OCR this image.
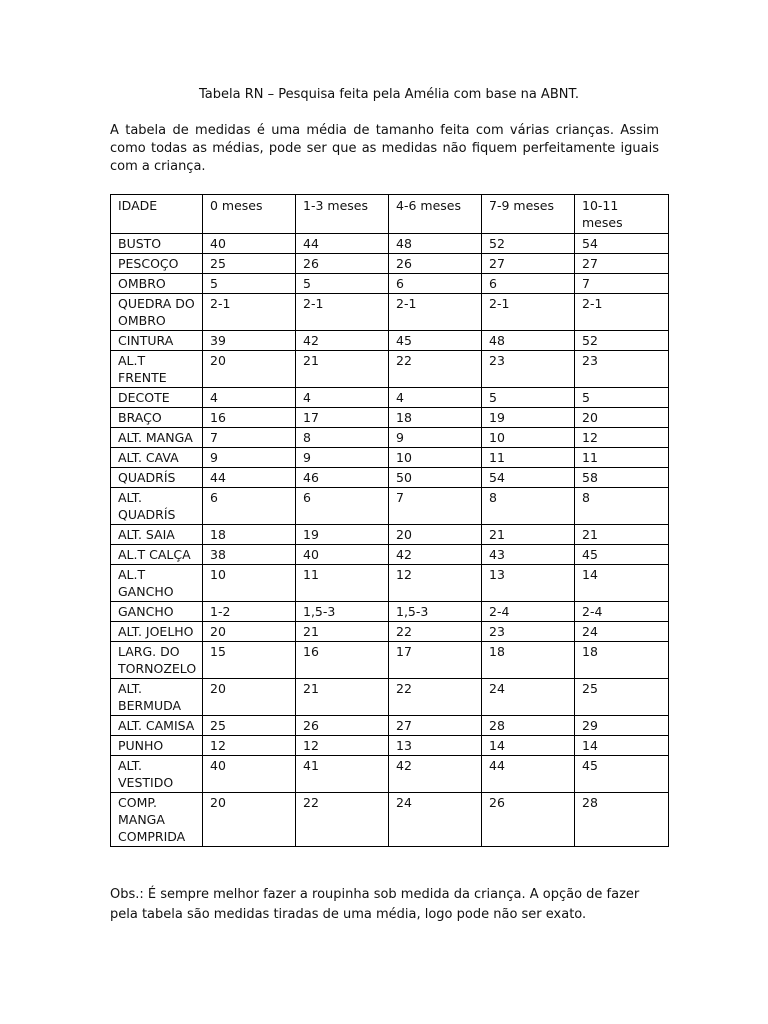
Tabela RN – Pesquisa feita pela Amélia com base na ABNT.

A tabela de medidas é uma média de tamanho feita com várias crianças. Assim como todas as médias, pode ser que as medidas não fiquem perfeitamente iguais com a criança.

IDADE	0 meses	1-3 meses	4-6 meses	7-9 meses	10-11 meses
BUSTO	40	44	48	52	54
PESCOÇO	25	26	26	27	27
OMBRO	5	5	6	6	7
QUEDRA DO OMBRO	2-1	2-1	2-1	2-1	2-1
CINTURA	39	42	45	48	52
AL.T FRENTE	20	21	22	23	23
DECOTE	4	4	4	5	5
BRAÇO	16	17	18	19	20
ALT. MANGA	7	8	9	10	12
ALT. CAVA	9	9	10	11	11
QUADRÍS	44	46	50	54	58
ALT. QUADRÍS	6	6	7	8	8
ALT. SAIA	18	19	20	21	21
AL.T CALÇA	38	40	42	43	45
AL.T GANCHO	10	11	12	13	14
GANCHO	1-2	1,5-3	1,5-3	2-4	2-4
ALT. JOELHO	20	21	22	23	24
LARG. DO TORNOZELO	15	16	17	18	18
ALT. BERMUDA	20	21	22	24	25
ALT. CAMISA	25	26	27	28	29
PUNHO	12	12	13	14	14
ALT. VESTIDO	40	41	42	44	45
COMP. MANGA COMPRIDA	20	22	24	26	28

Obs.: É sempre melhor fazer a roupinha sob medida da criança. A opção de fazer pela tabela são medidas tiradas de uma média, logo pode não ser exato.
